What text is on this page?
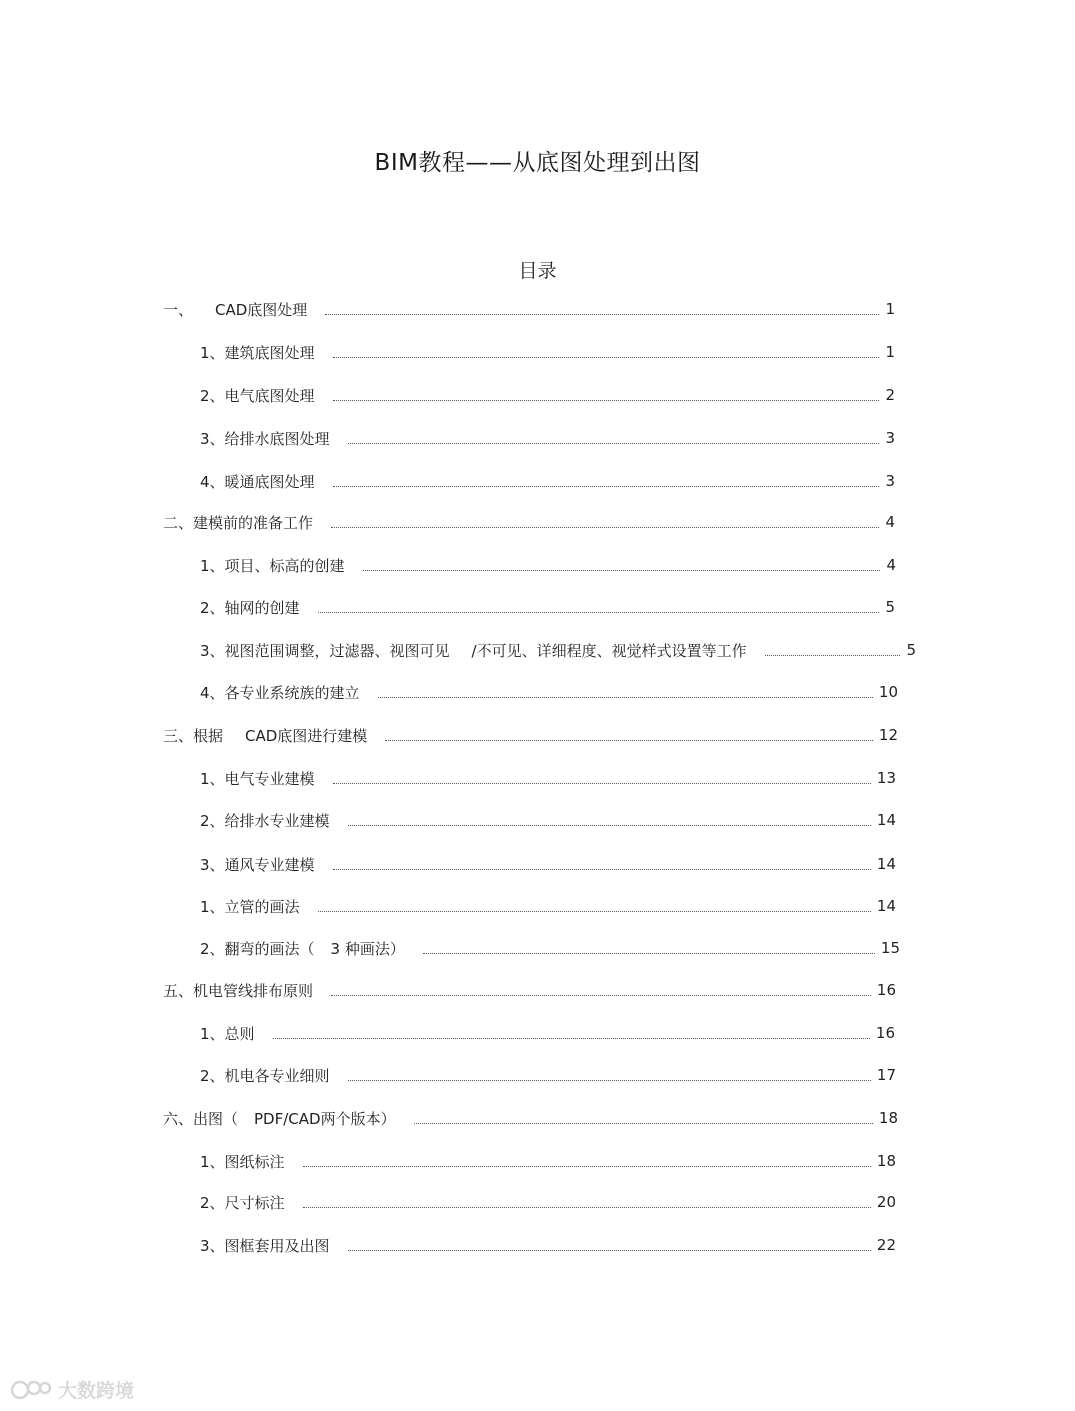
BIM教程——从底图处理到出图
目录
一、 CAD底图处理	1
1、建筑底图处理	1
2、电气底图处理	2
3、给排水底图处理	3
4、暖通底图处理	3
二、建模前的准备工作	4
1、项目、标高的创建	4
2、轴网的创建	5
3、视图范围调整，过滤器、视图可见 /不可见、详细程度、视觉样式设置等工作	5
4、各专业系统族的建立	10
三、根据 CAD底图进行建模	12
1、电气专业建模	13
2、给排水专业建模	14
3、通风专业建模	14
1、立管的画法	14
2、翻弯的画法（ 3 种画法）	15
五、机电管线排布原则	16
1、总则	16
2、机电各专业细则	17
六、出图（ PDF/CAD两个版本）	18
1、图纸标注	18
2、尺寸标注	20
3、图框套用及出图	22
大数跨境
